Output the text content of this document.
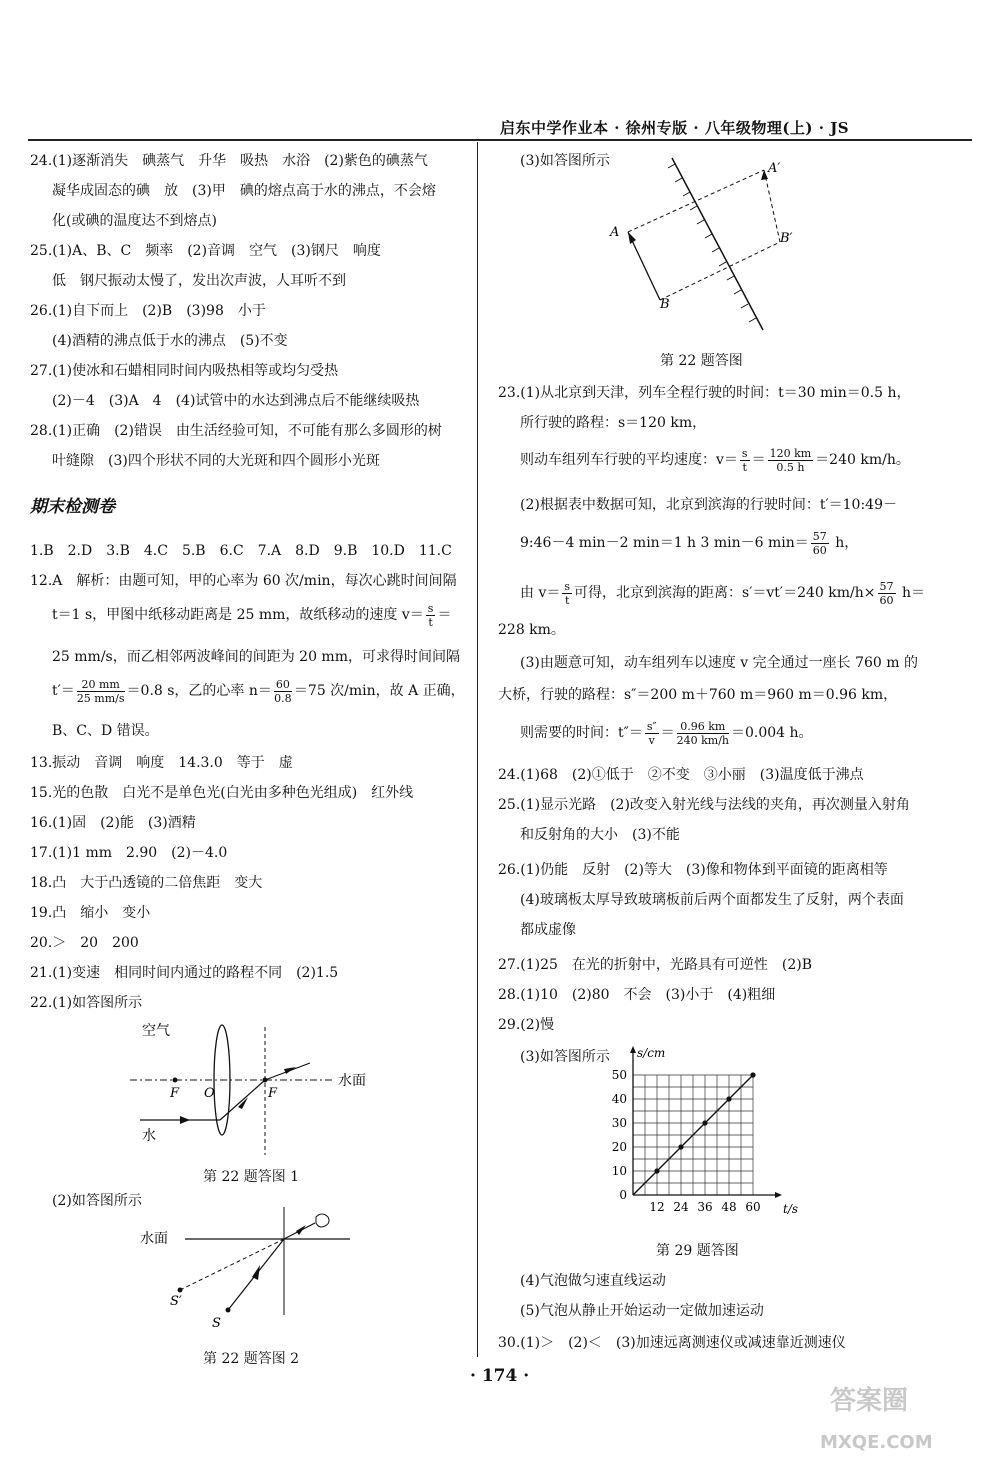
启东中学作业本 · 徐州专版 · 八年级物理(上) · JS
24.(1)逐渐消失　碘蒸气　升华　吸热　水浴　(2)紫色的碘蒸气
凝华成固态的碘　放　(3)甲　碘的熔点高于水的沸点，不会熔
化(或碘的温度达不到熔点)
25.(1)A、B、C　频率　(2)音调　空气　(3)钢尺　响度
低　钢尺振动太慢了，发出次声波，人耳听不到
26.(1)自下而上　(2)B　(3)98　小于
(4)酒精的沸点低于水的沸点　(5)不变
27.(1)使冰和石蜡相同时间内吸热相等或均匀受热
(2)－4　(3)A　4　(4)试管中的水达到沸点后不能继续吸热
28.(1)正确　(2)错误　由生活经验可知，不可能有那么多圆形的树
叶缝隙　(3)四个形状不同的大光斑和四个圆形小光斑
期末检测卷
1.B　2.D　3.B　4.C　5.B　6.C　7.A　8.D　9.B　10.D　11.C
12.A　解析：由题可知，甲的心率为 60 次/min，每次心跳时间间隔
t＝1 s，甲图中纸移动距离是 25 mm，故纸移动的速度 $v= \frac{s}{t}$ ＝
25 mm/s，而乙相邻两波峰间的间距为 20 mm，可求得时间间隔
$t'= \frac{20 mm}{25 mm/s} =0.8$ s，乙的心率 $n= \frac{60}{0.8} =75$ 次/min，故 A 正确，
B、C、D 错误。
13.振动　音调　响度　14.3.0　等于　虚
15.光的色散　白光不是单色光(白光由多种色光组成)　红外线
16.(1)固　(2)能　(3)酒精
17.(1)1 mm　2.90　(2)－4.0
18.凸　大于凸透镜的二倍焦距　变大
19.凸　缩小　变小
20.＞　20　200
21.(1)变速　相同时间内通过的路程不同　(2)1.5
22.(1)如答图所示
空气
水
水面
F O	F
第 22 题答图 1
(2)如答图所示
水面
S′
S
第 22 题答图 2
(3)如答图所示	A′
A	B′
B
第 22 题答图
23.(1)从北京到天津，列车全程行驶的时间：t＝30 min＝0.5 h，
所行驶的路程：s＝120 km，
则动车组列车行驶的平均速度：$v= \frac{s}{t} = \frac{120 km}{0.5 h} =240$ km/h。
(2)根据表中数据可知，北京到滨海的行驶时间：t′＝10:49－
9:46－4 min－2 min＝1 h 3 min－6 $\min= \frac{57}{60}$ h，
由 $v= \frac{s}{t}$ 可得，北京到滨海的距离：s′＝vt′＝240 $km/h\times \frac{57}{60} h=$
228 km。
(3)由题意可知，动车组列车以速度 v 完全通过一座长 760 m 的
大桥，行驶的路程：s″＝200 m＋760 m＝960 m＝0.96 km，
则需要的时间：$t''= \frac{s''}{v} = \frac{0.96 km}{240 km/h} =0.004$ h。
24.(1)68　(2)①低于　②不变　③小丽　(3)温度低于沸点
25.(1)显示光路　(2)改变入射光线与法线的夹角，再次测量入射角
和反射角的大小　(3)不能
26.(1)仍能　反射　(2)等大　(3)像和物体到平面镜的距离相等
(4)玻璃板太厚导致玻璃板前后两个面都发生了反射，两个表面
都成虚像
27.(1)25　在光的折射中，光路具有可逆性　(2)B
28.(1)10　(2)80　不会　(3)小于　(4)粗细
29.(2)慢
(3)如答图所示
12 24 36 48 60
10
20
30
40
50
0
t/s
s/cm
第 29 题答图
(4)气泡做匀速直线运动
(5)气泡从静止开始运动一定做加速运动
30.(1)＞　(2)＜　(3)加速远离测速仪或减速靠近测速仪
· 174 ·
答案圈
MXQE.COM
